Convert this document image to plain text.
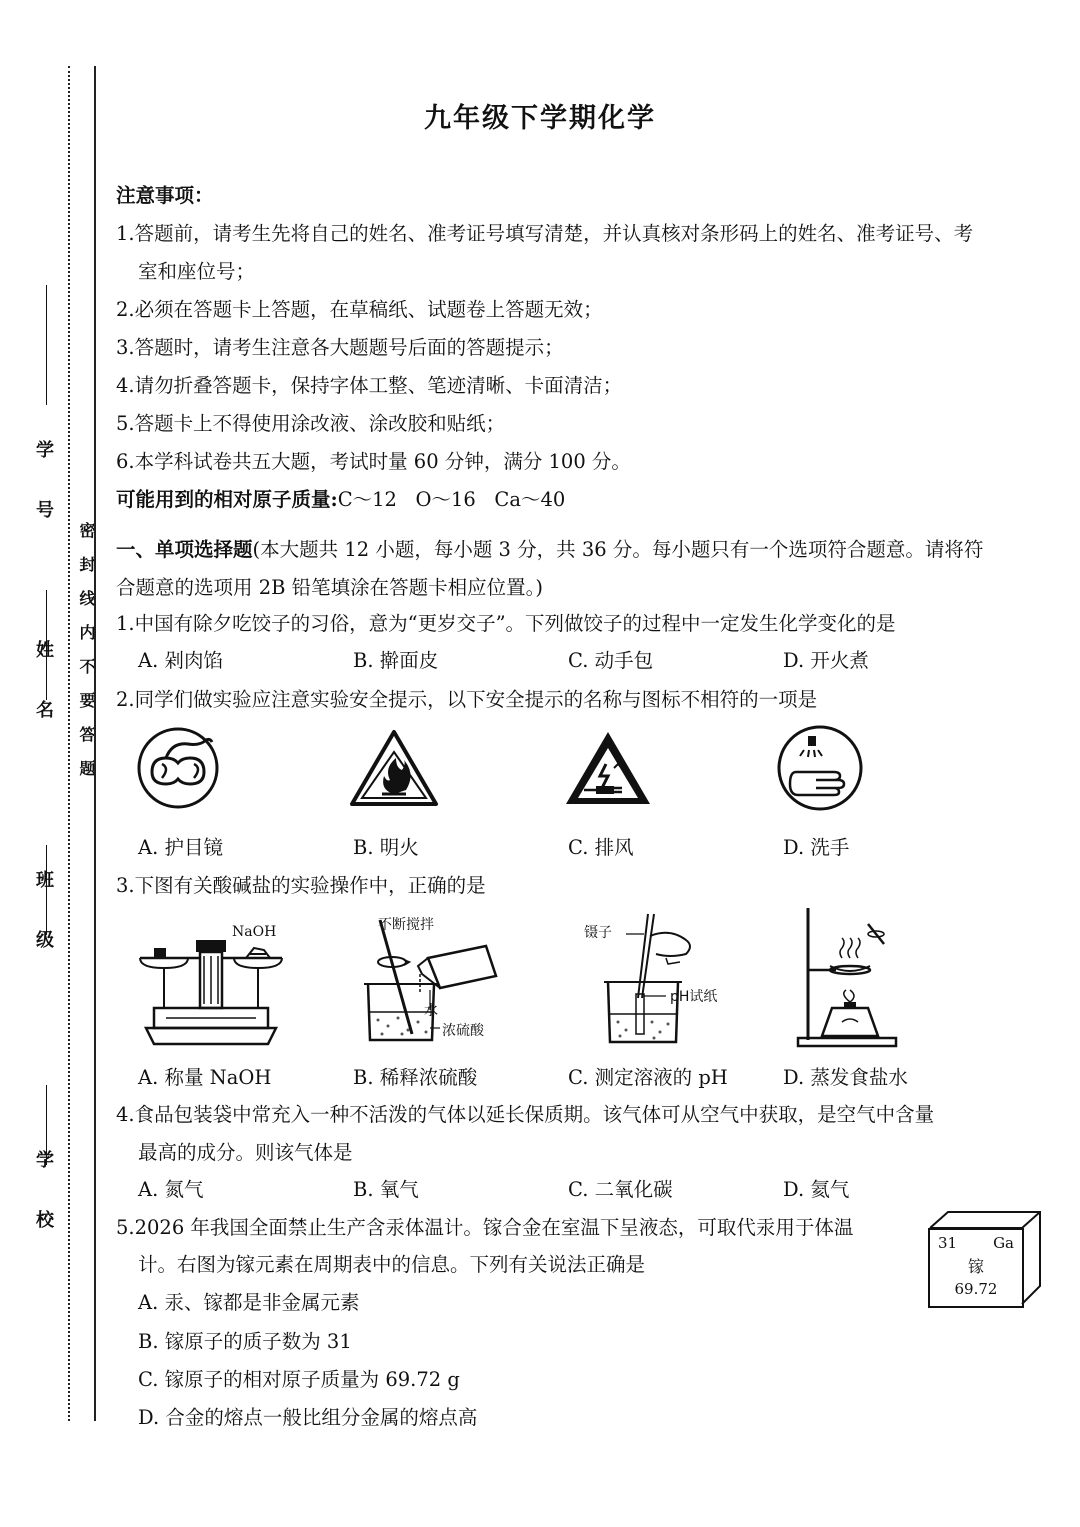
学 校
班 级
姓 名
学 号
密封线内不要答题
九年级下学期化学
注意事项：
1.答题前，请考生先将自己的姓名、准考证号填写清楚，并认真核对条形码上的姓名、准考证号、考
室和座位号；
2.必须在答题卡上答题，在草稿纸、试题卷上答题无效；
3.答题时，请考生注意各大题题号后面的答题提示；
4.请勿折叠答题卡，保持字体工整、笔迹清晰、卡面清洁；
5.答题卡上不得使用涂改液、涂改胶和贴纸；
6.本学科试卷共五大题，考试时量 60 分钟，满分 100 分。
可能用到的相对原子质量:C～12   O～16   Ca～40
一、单项选择题(本大题共 12 小题，每小题 3 分，共 36 分。每小题只有一个选项符合题意。请将符
合题意的选项用 2B 铅笔填涂在答题卡相应位置。)
1.中国有除夕吃饺子的习俗，意为“更岁交子”。下列做饺子的过程中一定发生化学变化的是
A. 剁肉馅	B. 擀面皮	C. 动手包	D. 开火煮
2.同学们做实验应注意实验安全提示，以下安全提示的名称与图标不相符的一项是
A. 护目镜	B. 明火	C. 排风	D. 洗手
3.下图有关酸碱盐的实验操作中，正确的是
NaOH	不断搅拌
水
浓硫酸
镊子
pH试纸
A. 称量 NaOH	B. 稀释浓硫酸	C. 测定溶液的 pH	D. 蒸发食盐水
4.食品包装袋中常充入一种不活泼的气体以延长保质期。该气体可从空气中获取，是空气中含量
最高的成分。则该气体是
A. 氮气	B. 氧气	C. 二氧化碳	D. 氦气
5.2026 年我国全面禁止生产含汞体温计。镓合金在室温下呈液态，可取代汞用于体温
计。右图为镓元素在周期表中的信息。下列有关说法正确是
31 Ga
镓
69.72
A. 汞、镓都是非金属元素
B. 镓原子的质子数为 31
C. 镓原子的相对原子质量为 69.72 g
D. 合金的熔点一般比组分金属的熔点高
